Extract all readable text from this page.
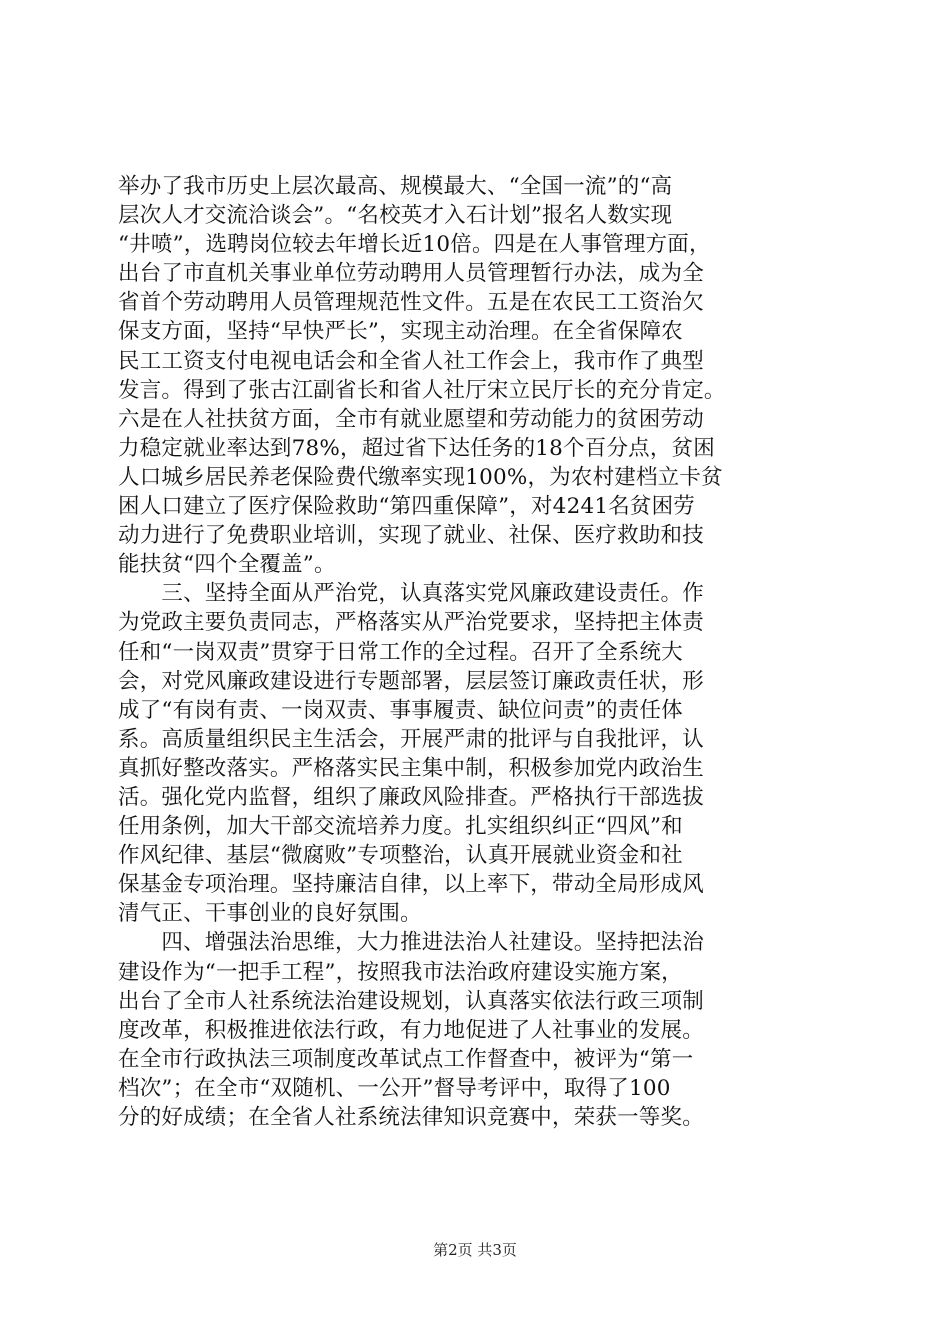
举办了我市历史上层次最高、规模最大、“全国一流”的“高
层次人才交流洽谈会”。“名校英才入石计划”报名人数实现
“井喷”，选聘岗位较去年增长近10倍。四是在人事管理方面，
出台了市直机关事业单位劳动聘用人员管理暂行办法，成为全
省首个劳动聘用人员管理规范性文件。五是在农民工工资治欠
保支方面，坚持“早快严长”，实现主动治理。在全省保障农
民工工资支付电视电话会和全省人社工作会上，我市作了典型
发言。得到了张古江副省长和省人社厅宋立民厅长的充分肯定。
六是在人社扶贫方面，全市有就业愿望和劳动能力的贫困劳动
力稳定就业率达到78%，超过省下达任务的18个百分点，贫困
人口城乡居民养老保险费代缴率实现100%，为农村建档立卡贫
困人口建立了医疗保险救助“第四重保障”，对4241名贫困劳
动力进行了免费职业培训，实现了就业、社保、医疗救助和技
能扶贫“四个全覆盖”。
　　三、坚持全面从严治党，认真落实党风廉政建设责任。作
为党政主要负责同志，严格落实从严治党要求，坚持把主体责
任和“一岗双责”贯穿于日常工作的全过程。召开了全系统大
会，对党风廉政建设进行专题部署，层层签订廉政责任状，形
成了“有岗有责、一岗双责、事事履责、缺位问责”的责任体
系。高质量组织民主生活会，开展严肃的批评与自我批评，认
真抓好整改落实。严格落实民主集中制，积极参加党内政治生
活。强化党内监督，组织了廉政风险排查。严格执行干部选拔
任用条例，加大干部交流培养力度。扎实组织纠正“四风”和
作风纪律、基层“微腐败”专项整治，认真开展就业资金和社
保基金专项治理。坚持廉洁自律，以上率下，带动全局形成风
清气正、干事创业的良好氛围。
　　四、增强法治思维，大力推进法治人社建设。坚持把法治
建设作为“一把手工程”，按照我市法治政府建设实施方案，
出台了全市人社系统法治建设规划，认真落实依法行政三项制
度改革，积极推进依法行政，有力地促进了人社事业的发展。
在全市行政执法三项制度改革试点工作督查中，被评为“第一
档次”；在全市“双随机、一公开”督导考评中，取得了100
分的好成绩；在全省人社系统法律知识竞赛中，荣获一等奖。
第2页 共3页
